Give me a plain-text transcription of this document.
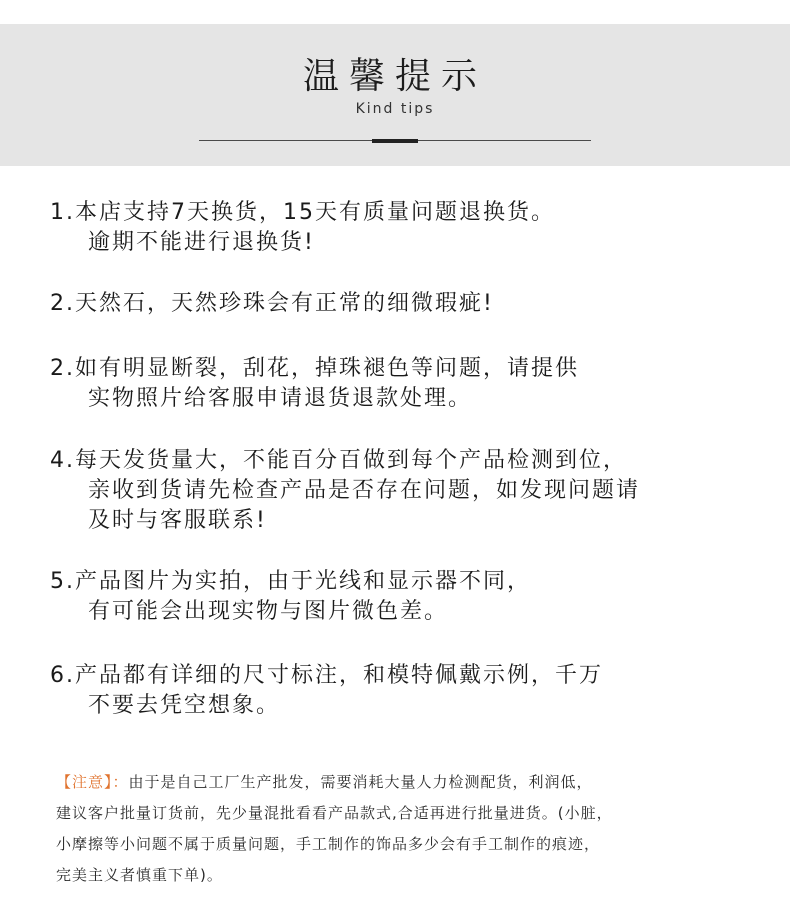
温馨提示
Kind tips
1.本店支持7天换货，15天有质量问题退换货。
逾期不能进行退换货!
2.天然石，天然珍珠会有正常的细微瑕疵!
2.如有明显断裂，刮花，掉珠褪色等问题，请提供
实物照片给客服申请退货退款处理。
4.每天发货量大，不能百分百做到每个产品检测到位，
亲收到货请先检查产品是否存在问题，如发现问题请
及时与客服联系!
5.产品图片为实拍，由于光线和显示器不同，
有可能会出现实物与图片微色差。
6.产品都有详细的尺寸标注，和模特佩戴示例，千万
不要去凭空想象。
【注意】：由于是自己工厂生产批发，需要消耗大量人力检测配货，利润低，
建议客户批量订货前，先少量混批看看产品款式,合适再进行批量进货。(小脏，
小摩擦等小问题不属于质量问题，手工制作的饰品多少会有手工制作的痕迹，
完美主义者慎重下单)。
